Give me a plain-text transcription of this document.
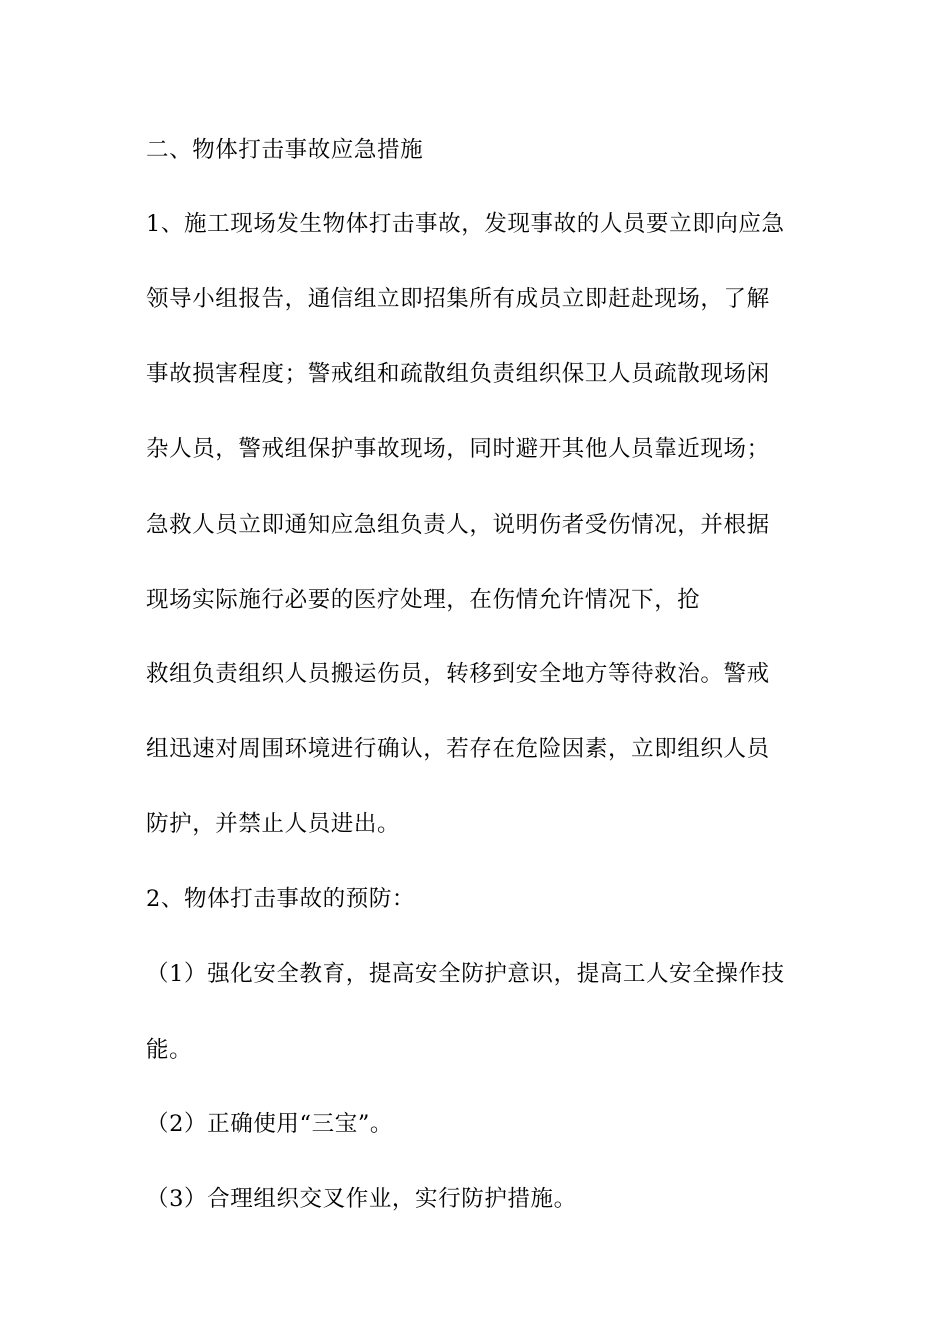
二、物体打击事故应急措施
1、施工现场发生物体打击事故，发现事故的人员要立即向应急
领导小组报告，通信组立即招集所有成员立即赶赴现场，了解
事故损害程度；警戒组和疏散组负责组织保卫人员疏散现场闲
杂人员，警戒组保护事故现场，同时避开其他人员靠近现场；
急救人员立即通知应急组负责人，说明伤者受伤情况，并根据
现场实际施行必要的医疗处理，在伤情允许情况下，抢
救组负责组织人员搬运伤员，转移到安全地方等待救治。警戒
组迅速对周围环境进行确认，若存在危险因素，立即组织人员
防护，并禁止人员进出。
2、物体打击事故的预防：
（1）强化安全教育，提高安全防护意识，提高工人安全操作技
能。
（2）正确使用“三宝”。
（3）合理组织交叉作业，实行防护措施。
